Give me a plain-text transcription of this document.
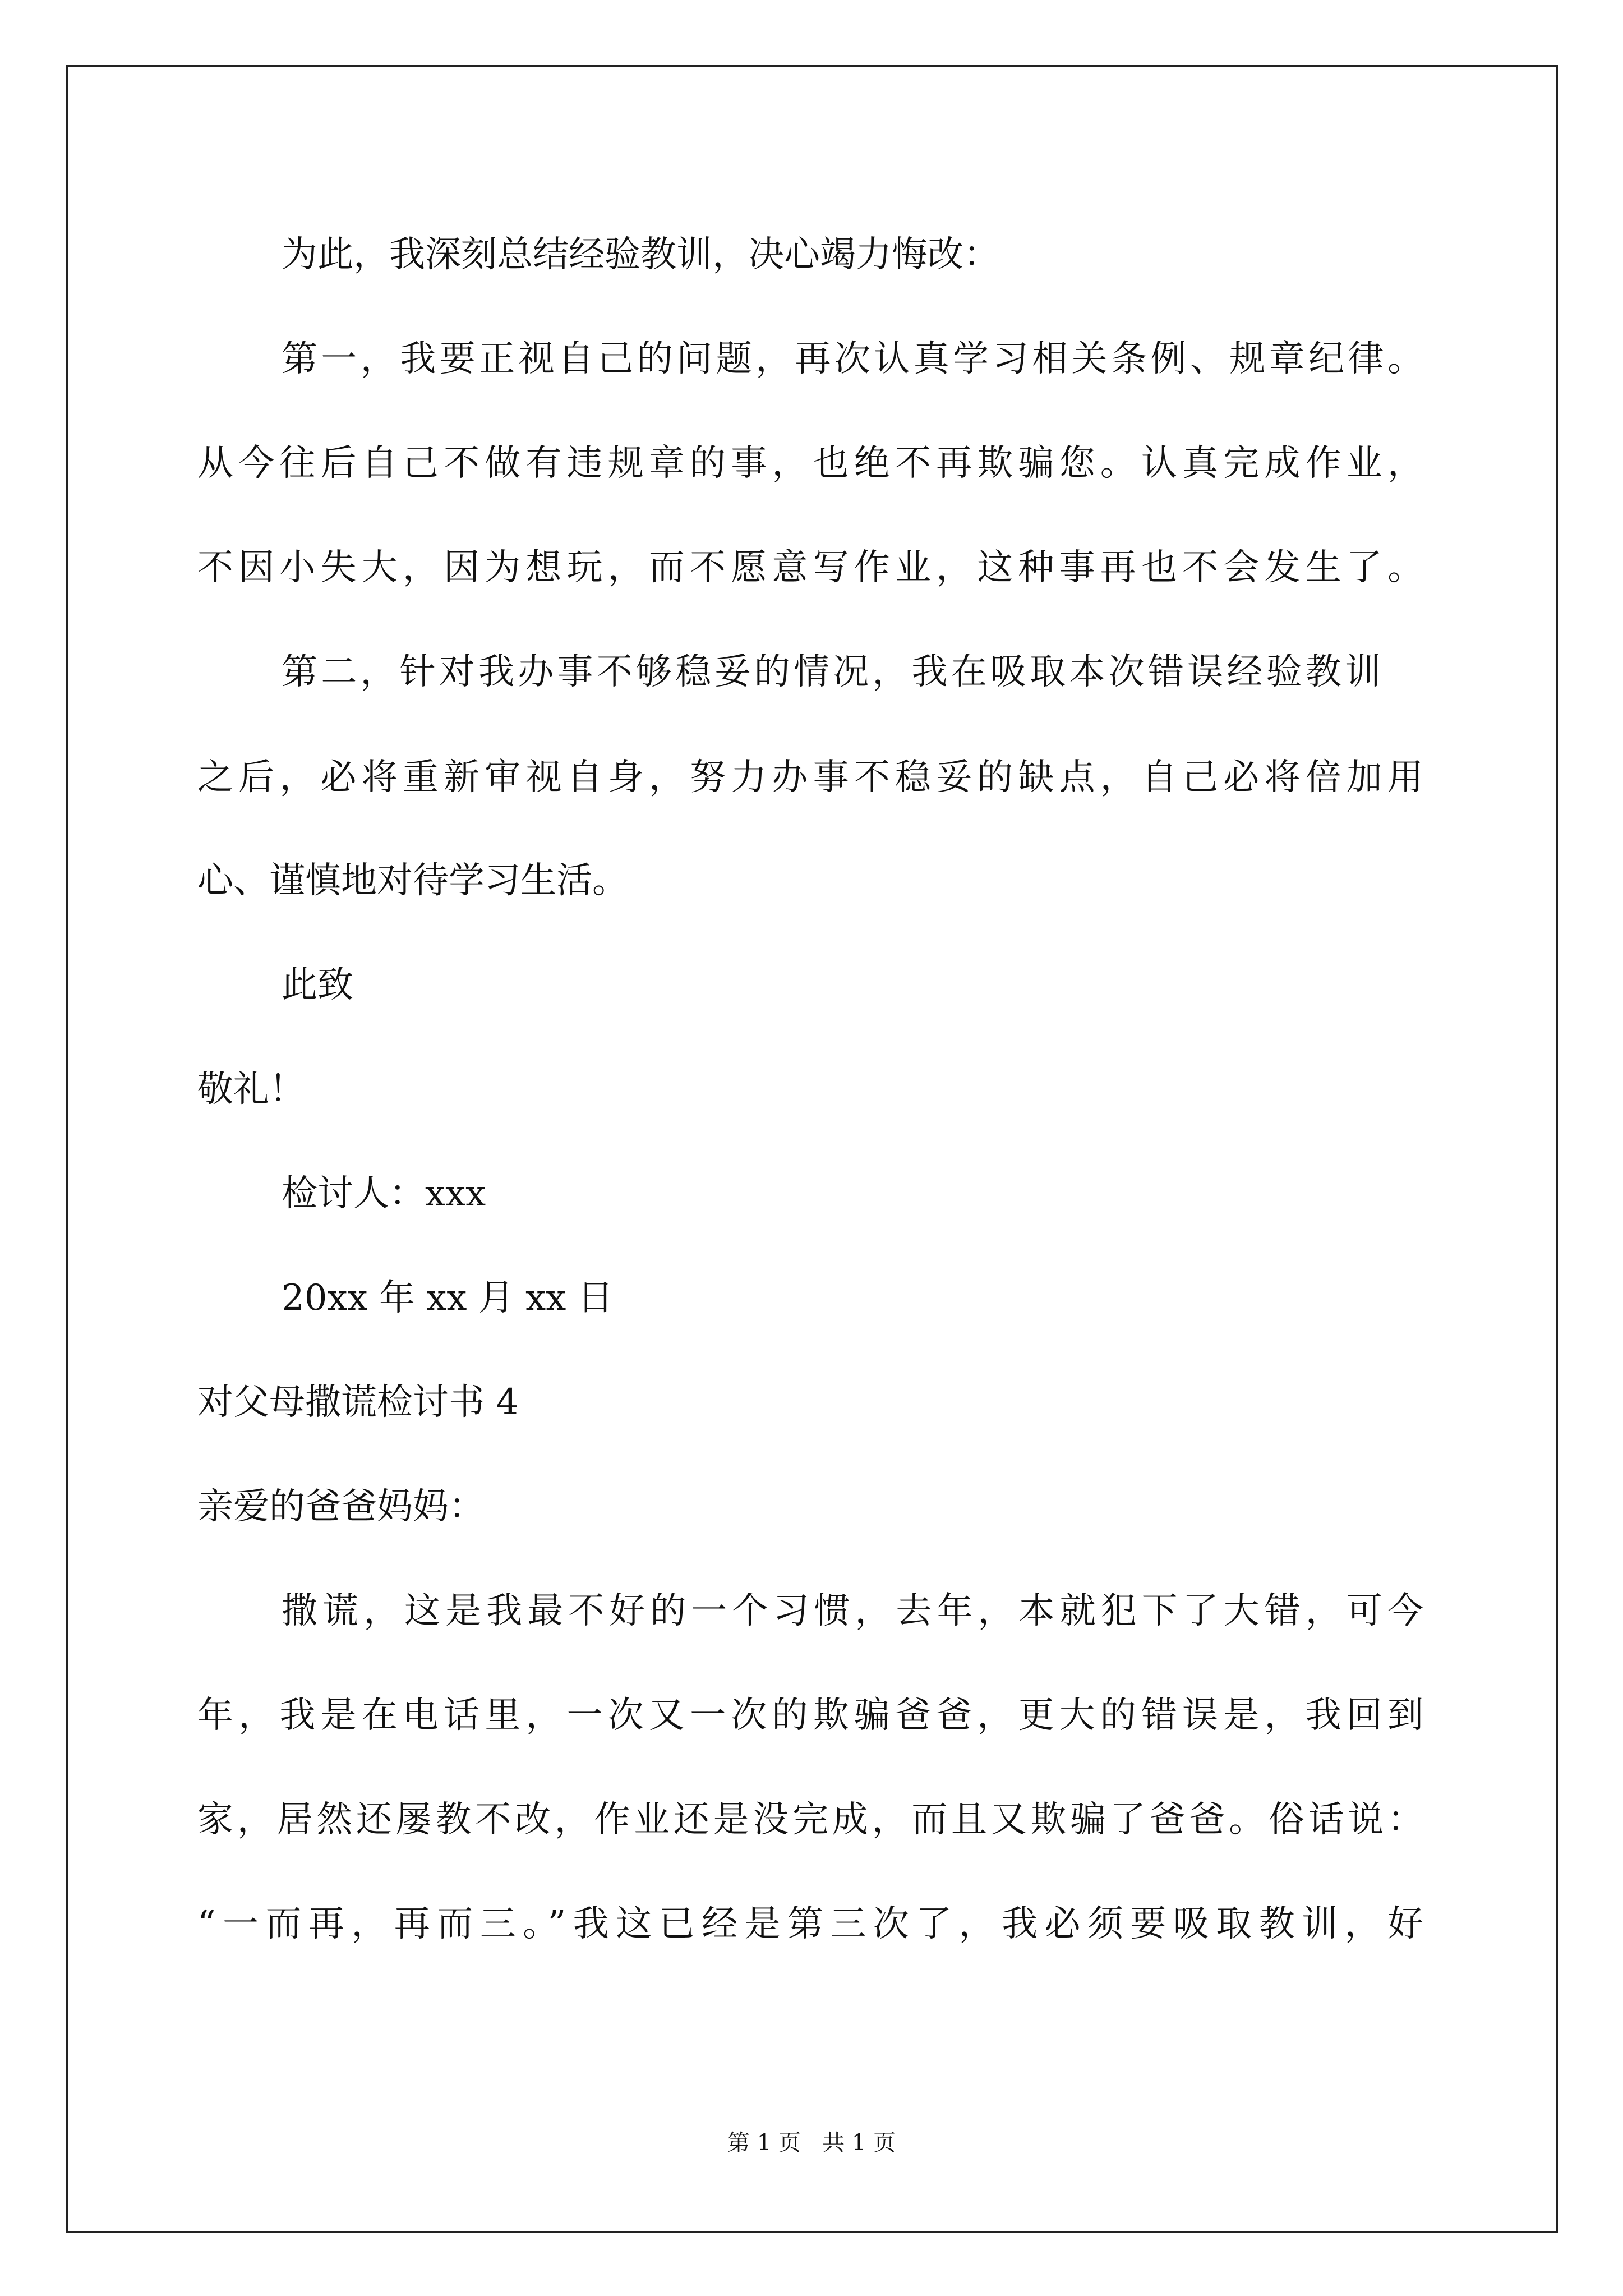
为此，我深刻总结经验教训，决心竭力悔改：
第一，我要正视自己的问题，再次认真学习相关条例、规章纪律。
从今往后自己不做有违规章的事，也绝不再欺骗您。认真完成作业，
不因小失大，因为想玩，而不愿意写作业，这种事再也不会发生了。
第二，针对我办事不够稳妥的情况，我在吸取本次错误经验教训
之后，必将重新审视自身，努力办事不稳妥的缺点，自己必将倍加用
心、谨慎地对待学习生活。
此致
敬礼！
检讨人：xxx
20xx 年 xx 月 xx 日
对父母撒谎检讨书 4
亲爱的爸爸妈妈：
撒谎，这是我最不好的一个习惯，去年，本就犯下了大错，可今
年，我是在电话里，一次又一次的欺骗爸爸，更大的错误是，我回到
家，居然还屡教不改，作业还是没完成，而且又欺骗了爸爸。俗话说：
“一而再，再而三。”我这已经是第三次了，我必须要吸取教训，好
第 1 页   共 1 页
